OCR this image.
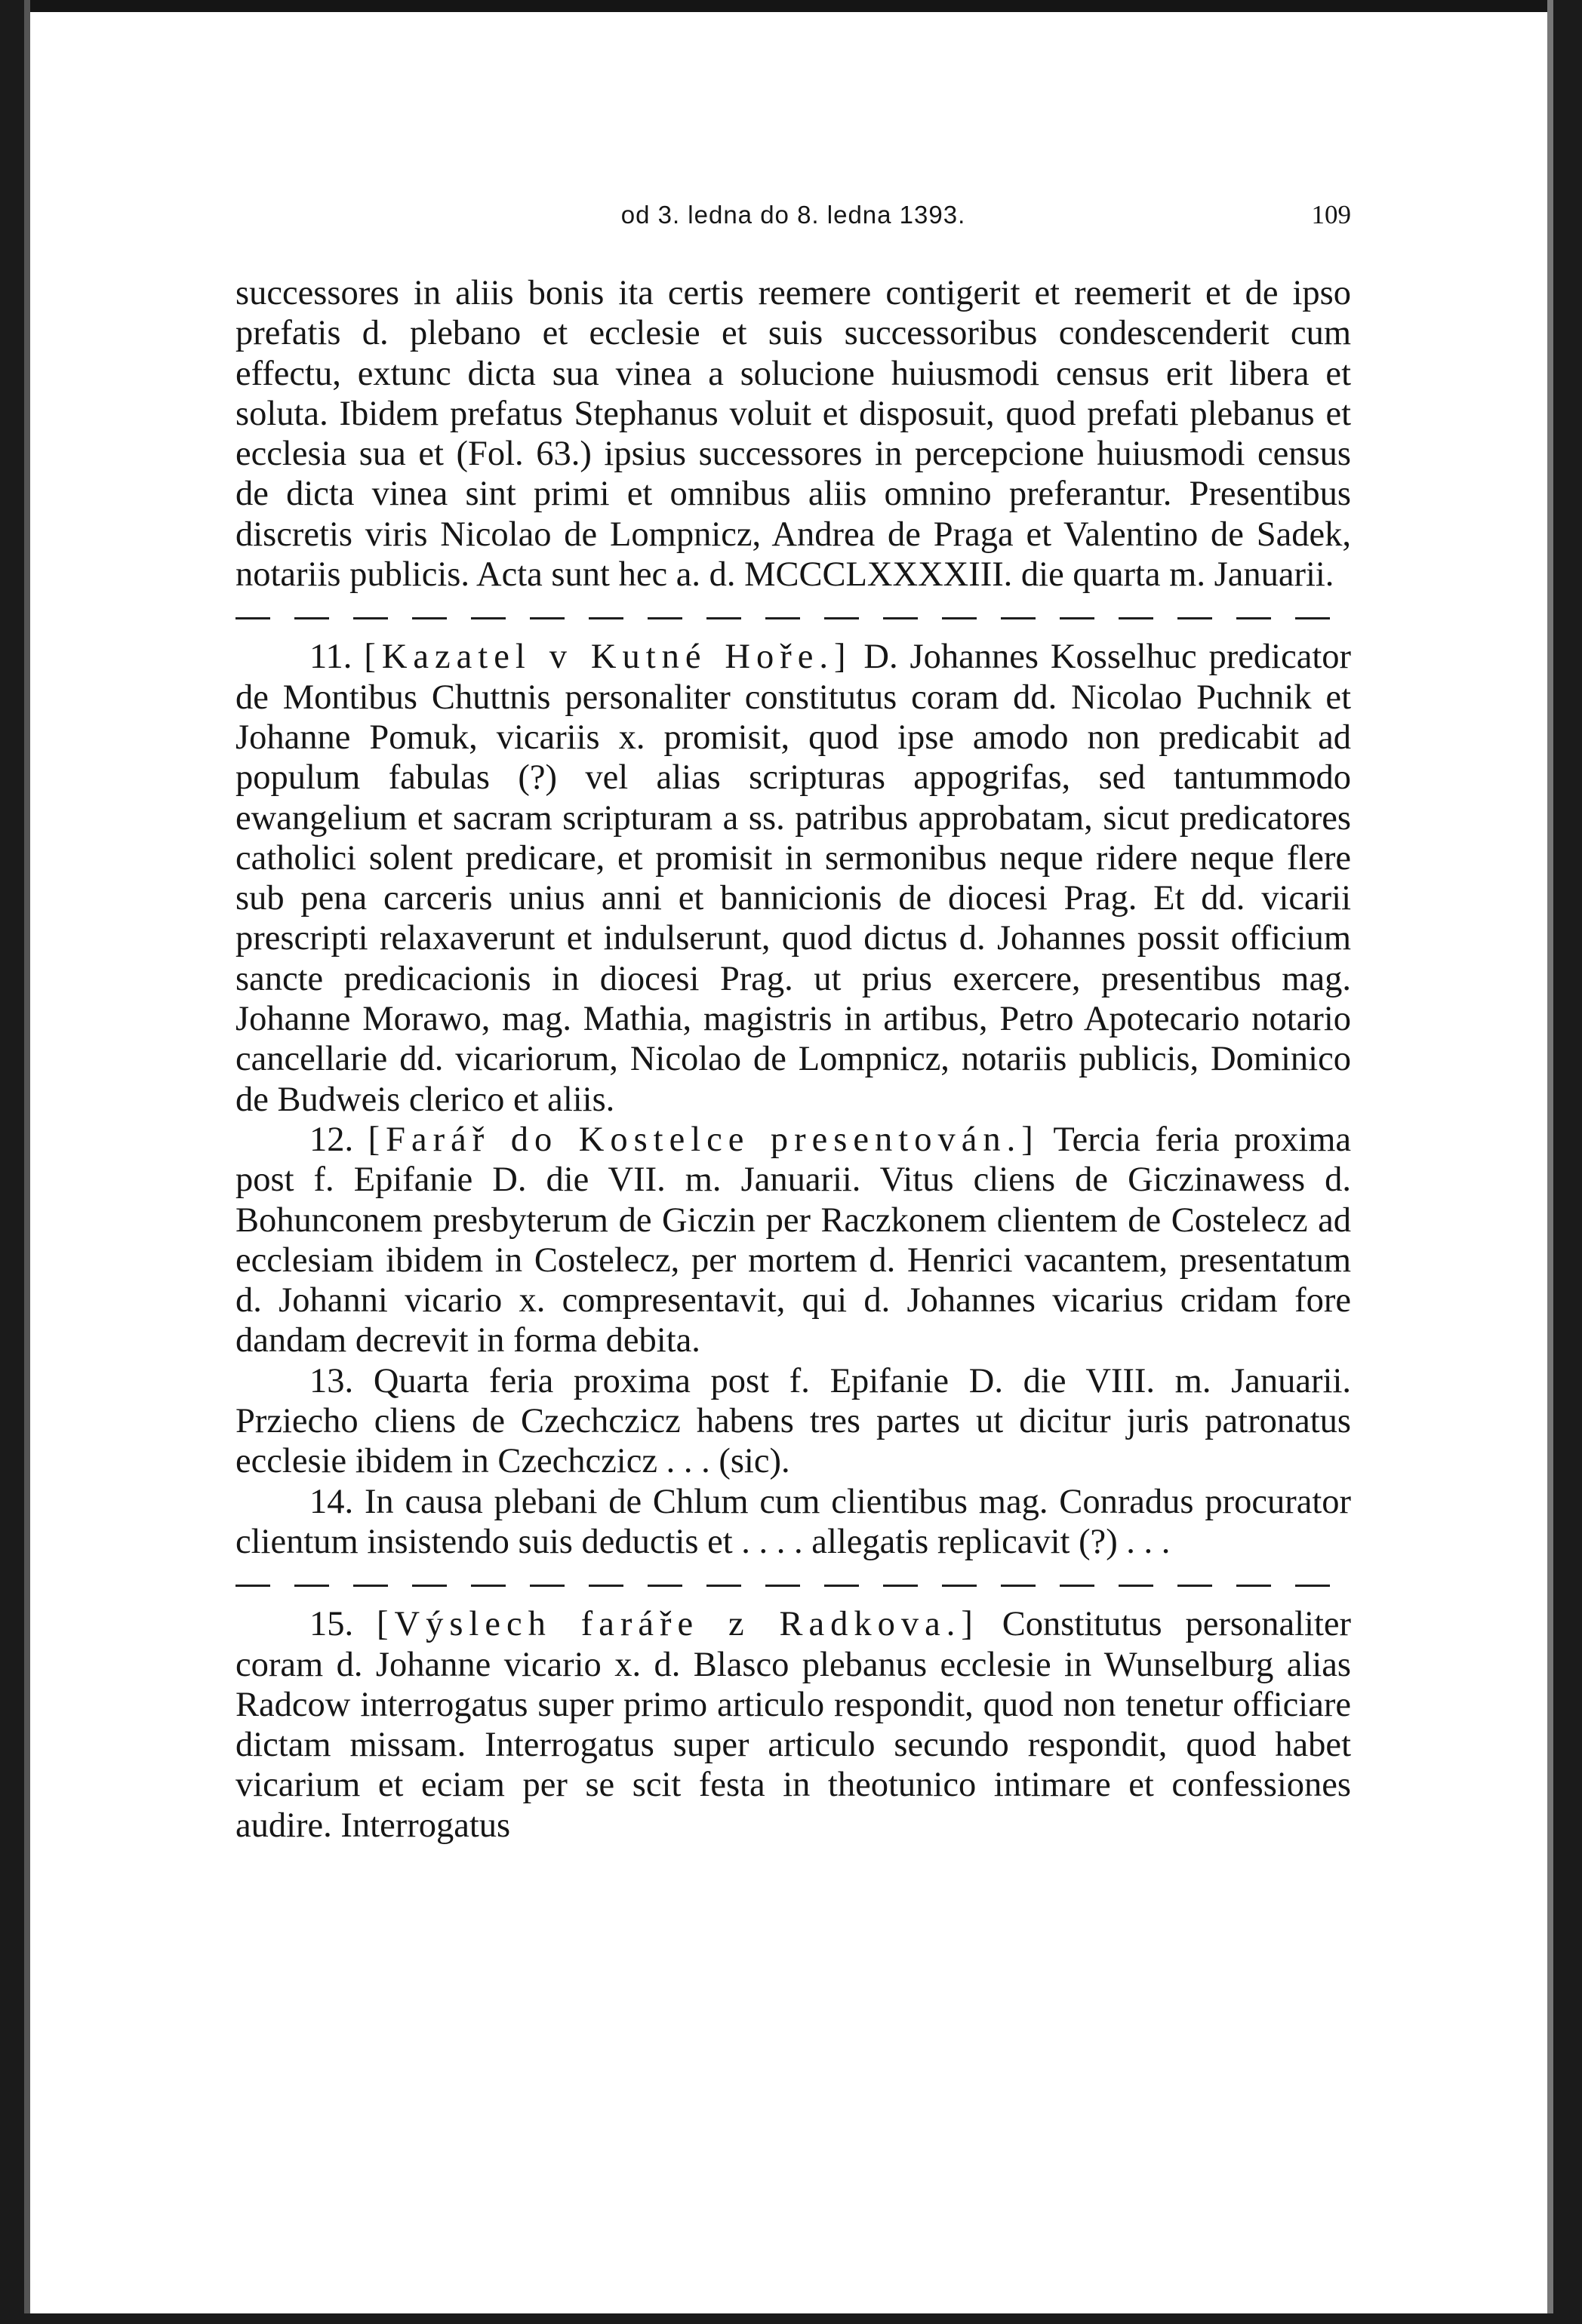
od 3. ledna do 8. ledna 1393.	109

successores in aliis bonis ita certis reemere contigerit et reemerit et de ipso prefatis d. plebano et ecclesie et suis successoribus condescenderit cum effectu, extunc dicta sua vinea a solucione huiusmodi census erit libera et soluta. Ibidem prefatus Stephanus voluit et disposuit, quod prefati plebanus et ecclesia sua et (Fol. 63.) ipsius successores in percepcione huiusmodi census de dicta vinea sint primi et omnibus aliis omnino preferantur. Presentibus discretis viris Nicolao de Lompnicz, Andrea de Praga et Valentino de Sadek, notariis publicis. Acta sunt hec a. d. MCCCLXXXXIII. die quarta m. Januarii.

11. [Kazatel v Kutné Hoře.] D. Johannes Kosselhuc predicator de Montibus Chuttnis personaliter constitutus coram dd. Nicolao Puchnik et Johanne Pomuk, vicariis x. promisit, quod ipse amodo non predicabit ad populum fabulas (?) vel alias scripturas appogrifas, sed tantummodo ewangelium et sacram scripturam a ss. patribus approbatam, sicut predicatores catholici solent predicare, et promisit in sermonibus neque ridere neque flere sub pena carceris unius anni et bannicionis de diocesi Prag. Et dd. vicarii prescripti relaxaverunt et indulserunt, quod dictus d. Johannes possit officium sancte predicacionis in diocesi Prag. ut prius exercere, presentibus mag. Johanne Morawo, mag. Mathia, magistris in artibus, Petro Apotecario notario cancellarie dd. vicariorum, Nicolao de Lompnicz, notariis publicis, Dominico de Budweis clerico et aliis.

12. [Farář do Kostelce presentován.] Tercia feria proxima post f. Epifanie D. die VII. m. Januarii. Vitus cliens de Giczinawess d. Bohunconem presbyterum de Giczin per Raczkonem clientem de Costelecz ad ecclesiam ibidem in Costelecz, per mortem d. Henrici vacantem, presentatum d. Johanni vicario x. compresentavit, qui d. Johannes vicarius cridam fore dandam decrevit in forma debita.

13. Quarta feria proxima post f. Epifanie D. die VIII. m. Januarii. Prziecho cliens de Czechczicz habens tres partes ut dicitur juris patronatus ecclesie ibidem in Czechczicz . . . (sic).

14. In causa plebani de Chlum cum clientibus mag. Conradus procurator clientum insistendo suis deductis et . . . . allegatis replicavit (?) . . .

15. [Výslech faráře z Radkova.] Constitutus personaliter coram d. Johanne vicario x. d. Blasco plebanus ecclesie in Wunselburg alias Radcow interrogatus super primo articulo respondit, quod non tenetur officiare dictam missam. Interrogatus super articulo secundo respondit, quod habet vicarium et eciam per se scit festa in theotunico intimare et confessiones audire. Interrogatus
